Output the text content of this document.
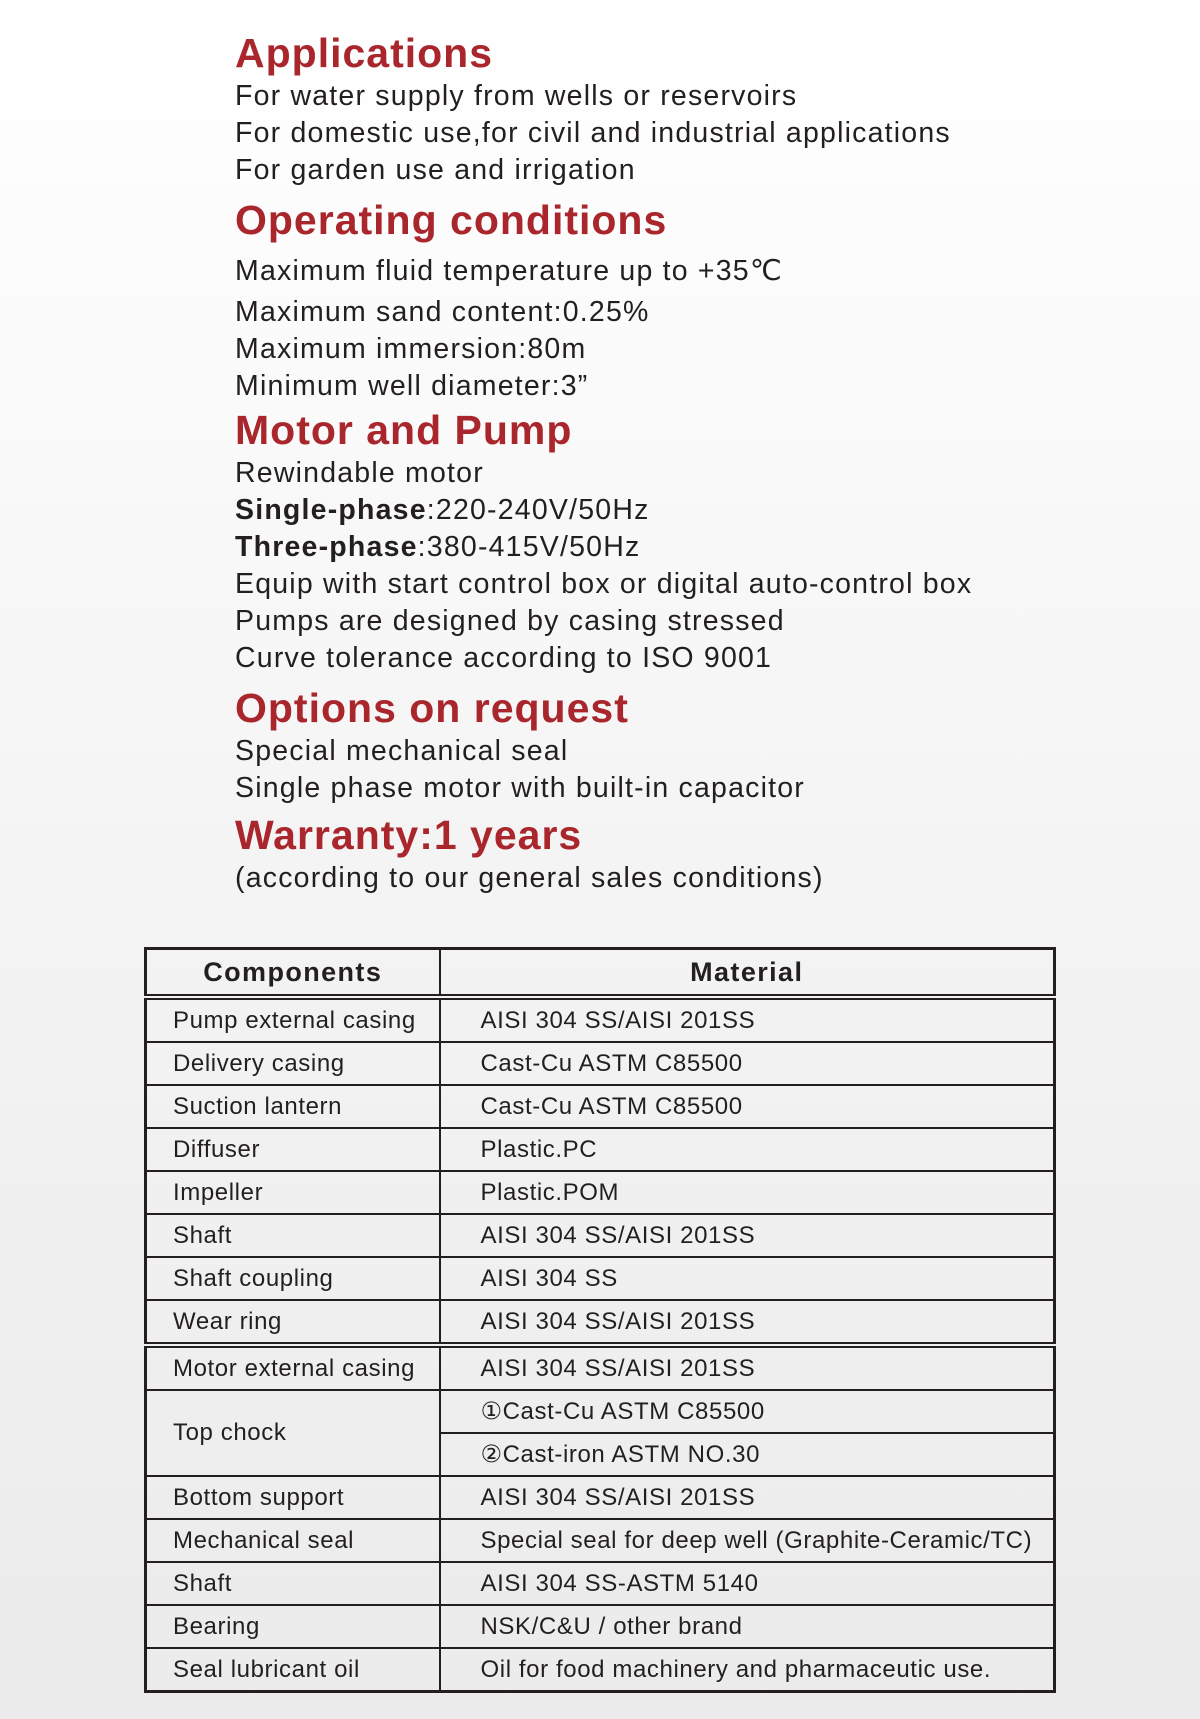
Applications

For water supply from wells or reservoirs

For domestic use,for civil and industrial applications

For garden use and irrigation

Operating conditions

Maximum fluid temperature up to +35℃

Maximum sand content:0.25%

Maximum immersion:80m

Minimum well diameter:3”

Motor and Pump

Rewindable motor

Single-phase:220-240V/50Hz

Three-phase:380-415V/50Hz

Equip with start control box or digital auto-control box

Pumps are designed by casing stressed

Curve tolerance according to ISO 9001

Options on request

Special mechanical seal

Single phase motor with built-in capacitor

Warranty:1 years

(according to our general sales conditions)

Components	Material
Pump external casing	AISI 304 SS/AISI 201SS
Delivery casing	Cast-Cu ASTM C85500
Suction lantern	Cast-Cu ASTM C85500
Diffuser	Plastic.PC
Impeller	Plastic.POM
Shaft	AISI 304 SS/AISI 201SS
Shaft coupling	AISI 304 SS
Wear ring	AISI 304 SS/AISI 201SS
Motor external casing	AISI 304 SS/AISI 201SS
Top chock	①Cast-Cu ASTM C85500
	②Cast-iron ASTM NO.30
Bottom support	AISI 304 SS/AISI 201SS
Mechanical seal	Special seal for deep well (Graphite-Ceramic/TC)
Shaft	AISI 304 SS-ASTM 5140
Bearing	NSK/C&U / other brand
Seal lubricant oil	Oil for food machinery and pharmaceutic use.
